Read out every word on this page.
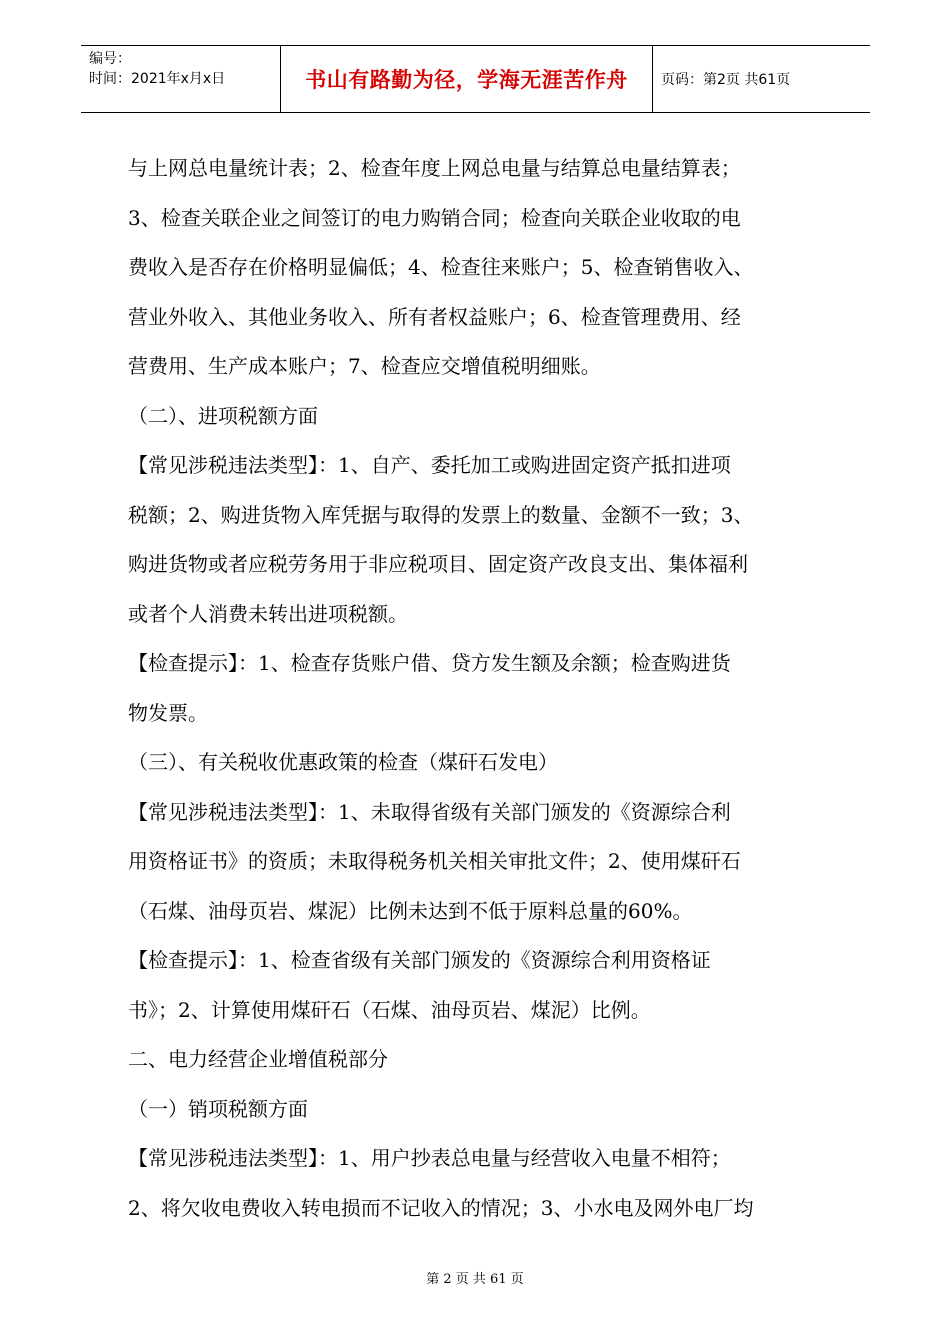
编号：
时间：2021年x月x日	书山有路勤为径，学海无涯苦作舟	页码：第2页 共61页

与上网总电量统计表；2、检查年度上网总电量与结算总电量结算表；

3、检查关联企业之间签订的电力购销合同；检查向关联企业收取的电

费收入是否存在价格明显偏低；4、检查往来账户；5、检查销售收入、

营业外收入、其他业务收入、所有者权益账户；6、检查管理费用、经

营费用、生产成本账户；7、检查应交增值税明细账。

（二）、进项税额方面

【常见涉税违法类型】：1、自产、委托加工或购进固定资产抵扣进项

税额；2、购进货物入库凭据与取得的发票上的数量、金额不一致；3、

购进货物或者应税劳务用于非应税项目、固定资产改良支出、集体福利

或者个人消费未转出进项税额。

【检查提示】：1、检查存货账户借、贷方发生额及余额；检查购进货

物发票。

（三）、有关税收优惠政策的检查（煤矸石发电）

【常见涉税违法类型】：1、未取得省级有关部门颁发的《资源综合利

用资格证书》的资质；未取得税务机关相关审批文件；2、使用煤矸石

（石煤、油母页岩、煤泥）比例未达到不低于原料总量的60%。

【检查提示】：1、检查省级有关部门颁发的《资源综合利用资格证

书》；2、计算使用煤矸石（石煤、油母页岩、煤泥）比例。

二、电力经营企业增值税部分

（一）销项税额方面

【常见涉税违法类型】：1、用户抄表总电量与经营收入电量不相符；

2、将欠收电费收入转电损而不记收入的情况；3、小水电及网外电厂均

第 2 页 共 61 页
